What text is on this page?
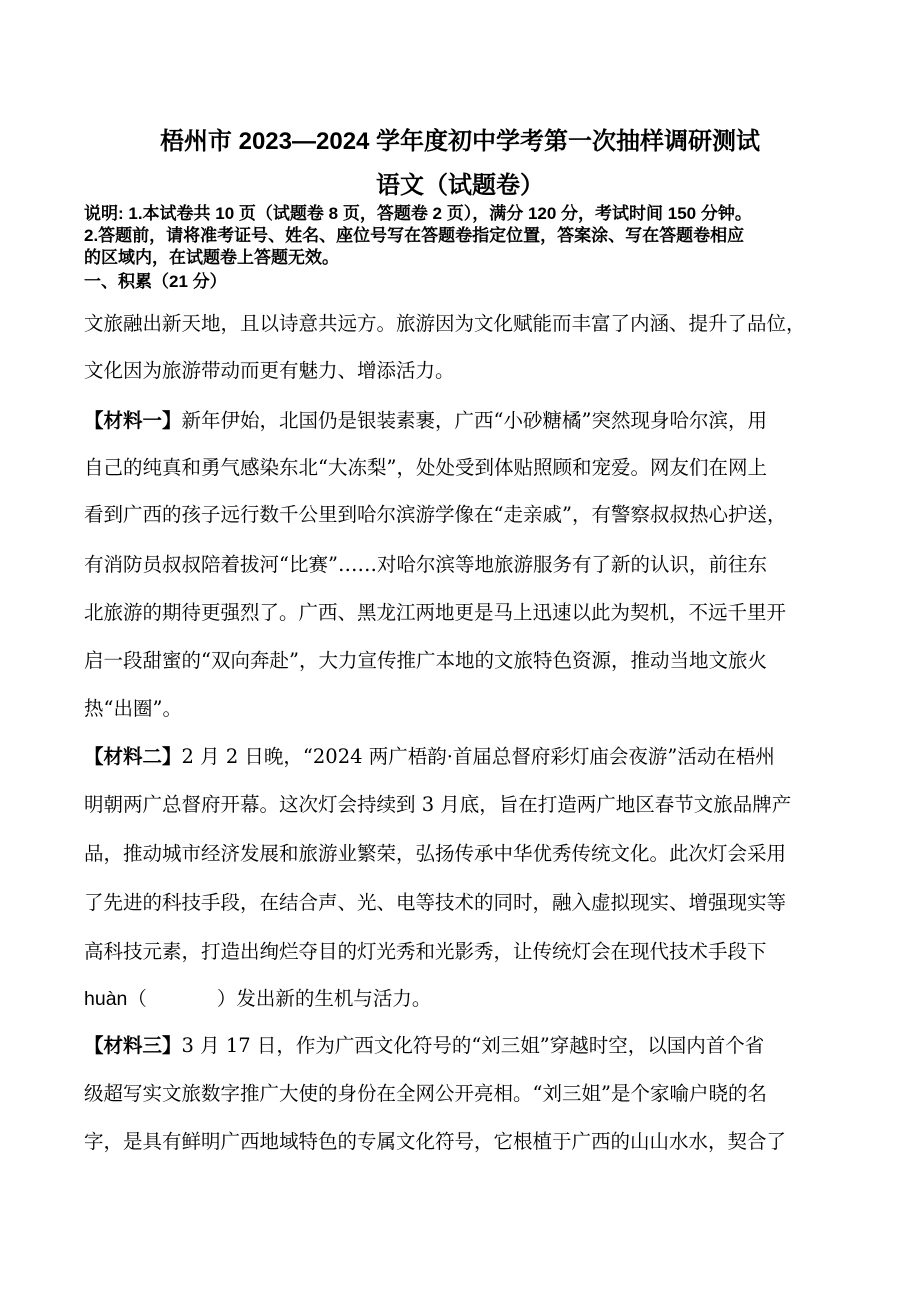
梧州市 2023—2024 学年度初中学考第一次抽样调研测试
语文（试题卷）
说明: 1.本试卷共 10 页（试题卷 8 页，答题卷 2 页），满分 120 分，考试时间 150 分钟。
2.答题前，请将准考证号、姓名、座位号写在答题卷指定位置，答案涂、写在答题卷相应
的区域内，在试题卷上答题无效。
一、积累（21 分）
文旅融出新天地，且以诗意共远方。旅游因为文化赋能而丰富了内涵、提升了品位，
文化因为旅游带动而更有魅力、增添活力。
【材料一】新年伊始，北国仍是银装素裹，广西“小砂糖橘”突然现身哈尔滨，用
自己的纯真和勇气感染东北“大冻梨”，处处受到体贴照顾和宠爱。网友们在网上
看到广西的孩子远行数千公里到哈尔滨游学像在“走亲戚”，有警察叔叔热心护送，
有消防员叔叔陪着拔河“比赛”……对哈尔滨等地旅游服务有了新的认识，前往东
北旅游的期待更强烈了。广西、黑龙江两地更是马上迅速以此为契机，不远千里开
启一段甜蜜的“双向奔赴”，大力宣传推广本地的文旅特色资源，推动当地文旅火
热“出圈”。
【材料二】2 月 2 日晚，“2024 两广梧韵·首届总督府彩灯庙会夜游”活动在梧州
明朝两广总督府开幕。这次灯会持续到 3 月底，旨在打造两广地区春节文旅品牌产
品，推动城市经济发展和旅游业繁荣，弘扬传承中华优秀传统文化。此次灯会采用
了先进的科技手段，在结合声、光、电等技术的同时，融入虚拟现实、增强现实等
高科技元素，打造出绚烂夺目的灯光秀和光影秀，让传统灯会在现代技术手段下
huàn（	）发出新的生机与活力。
【材料三】3 月 17 日，作为广西文化符号的“刘三姐”穿越时空，以国内首个省
级超写实文旅数字推广大使的身份在全网公开亮相。“刘三姐”是个家喻户晓的名
字，是具有鲜明广西地域特色的专属文化符号，它根植于广西的山山水水，契合了
